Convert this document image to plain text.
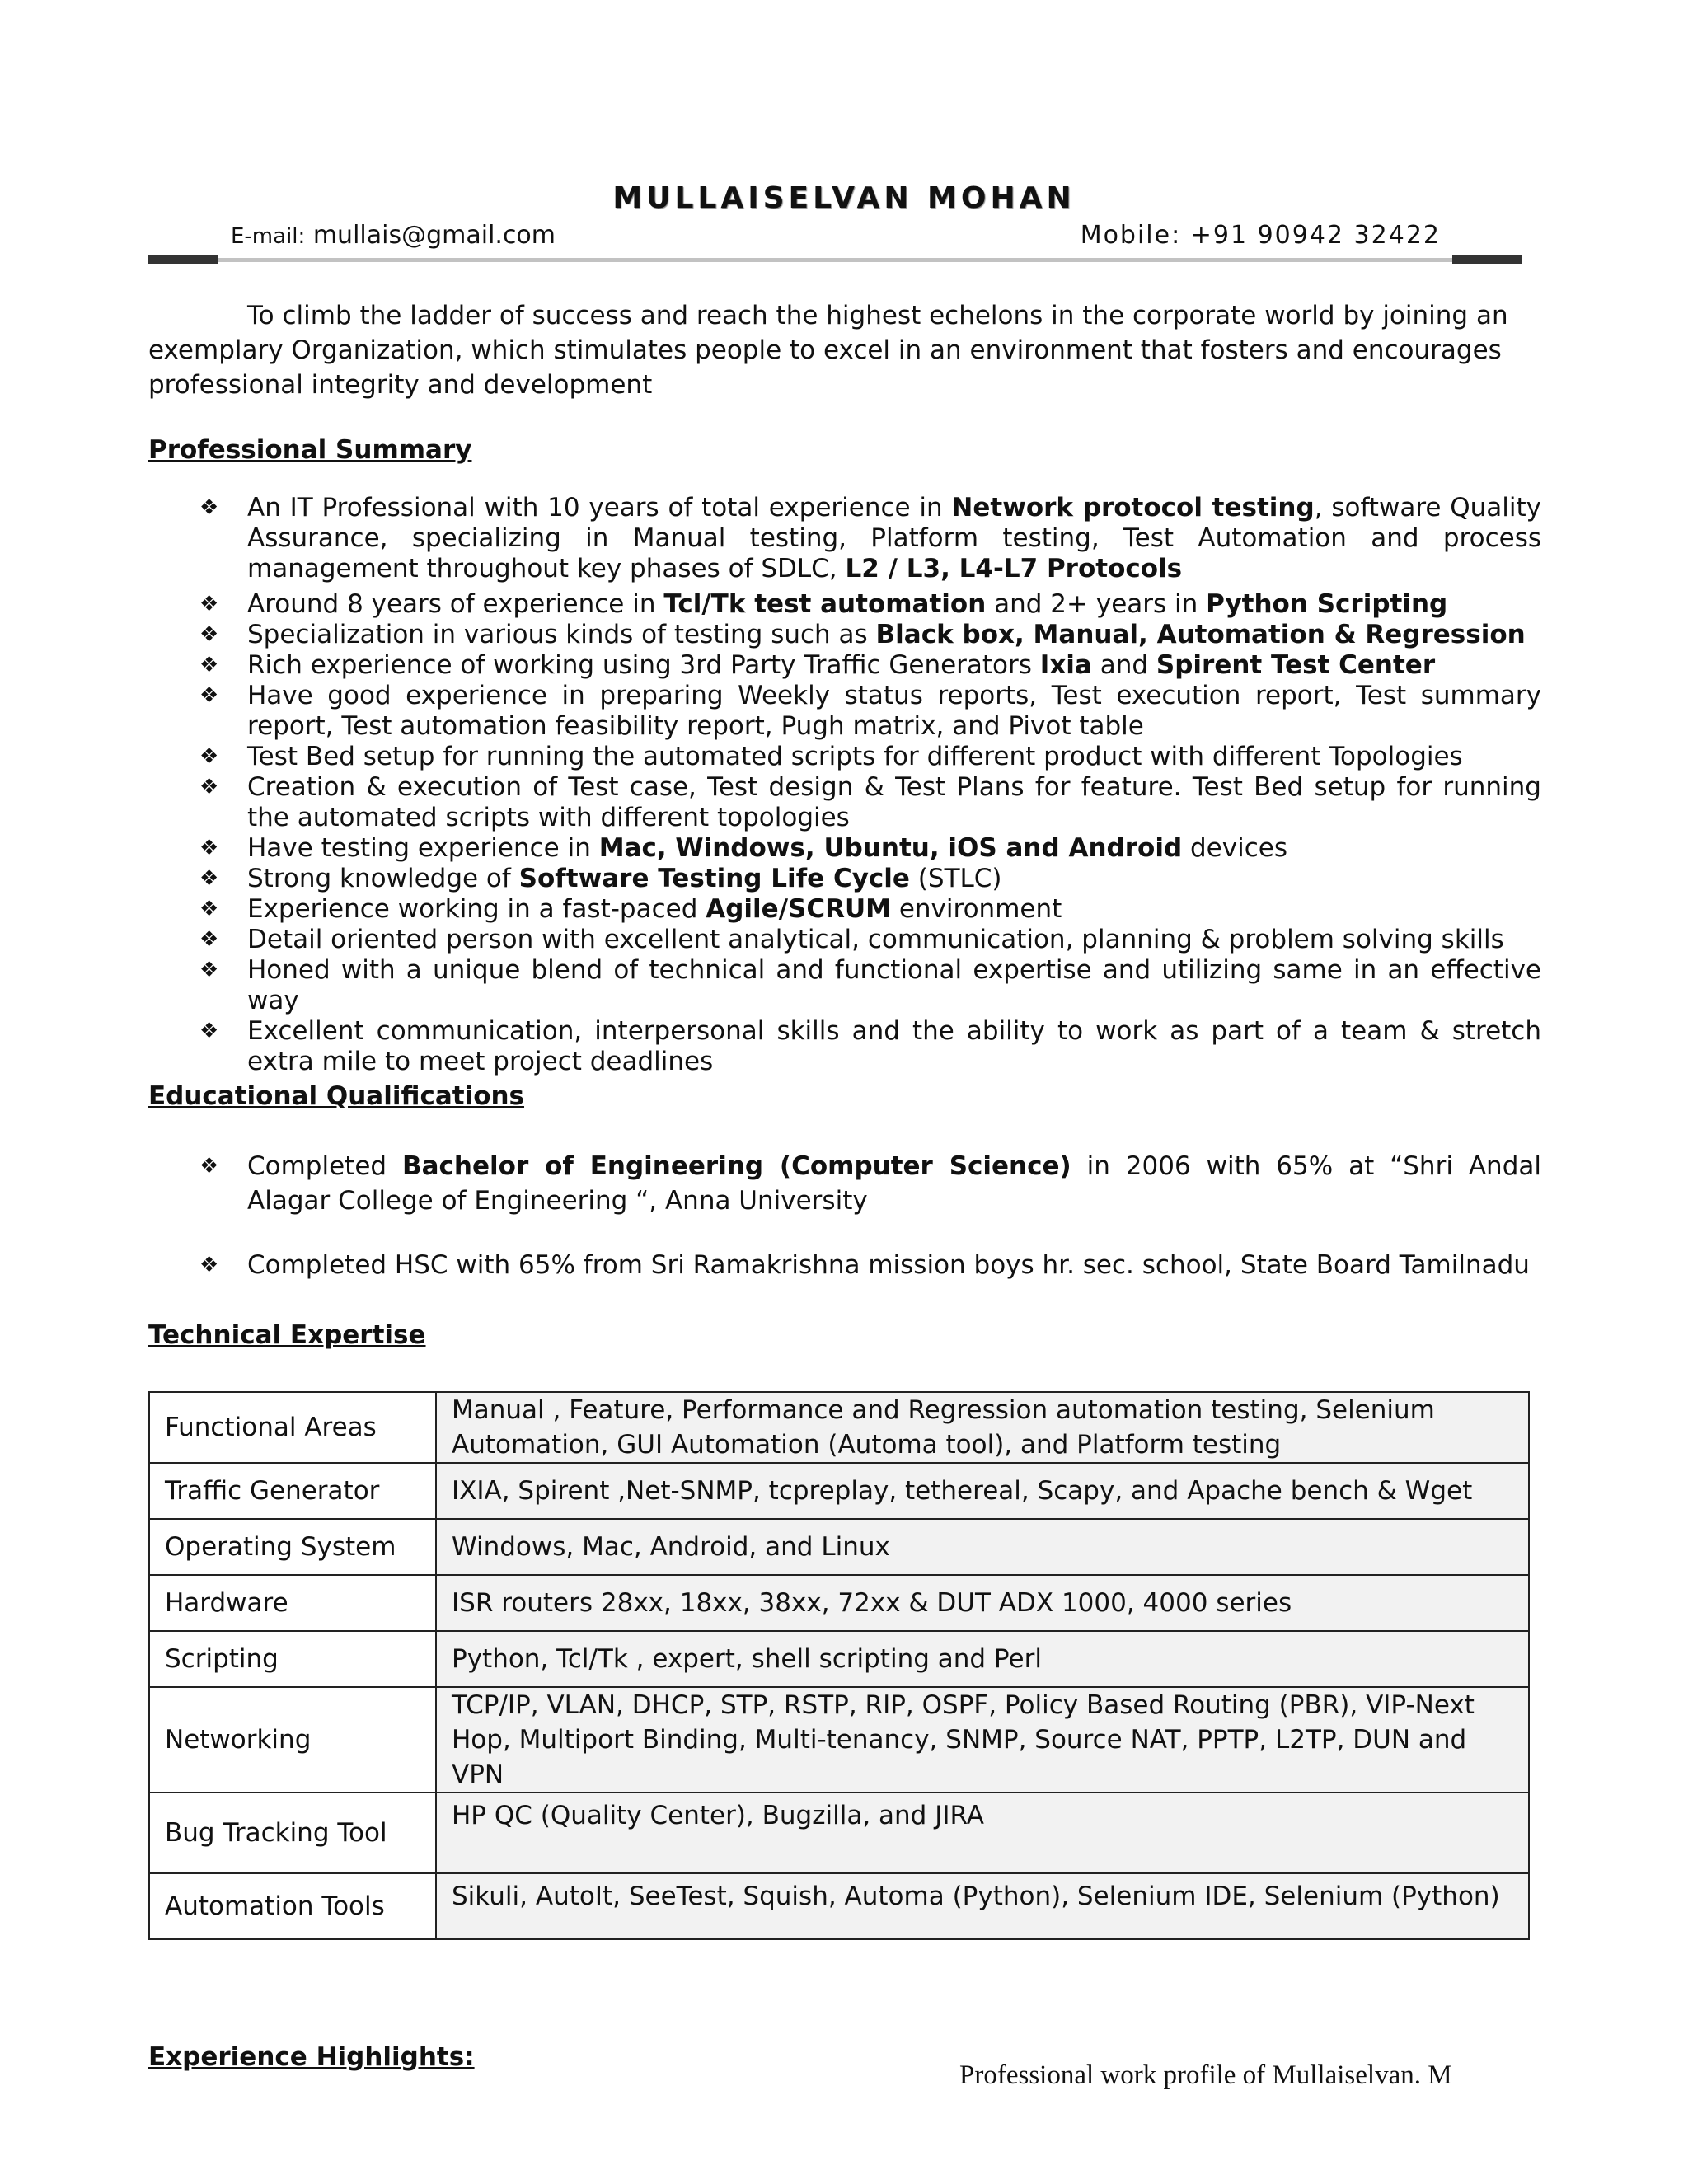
MULLAISELVAN MOHAN
E-mail: mullais@gmail.com	Mobile: +91 90942 32422
To climb the ladder of success and reach the highest echelons in the corporate world by joining an exemplary Organization, which stimulates people to excel in an environment that fosters and encourages professional integrity and development
Professional Summary
❖ An IT Professional with 10 years of total experience in Network protocol testing, software Quality Assurance, specializing in Manual testing, Platform testing, Test Automation and process management throughout key phases of SDLC, L2 / L3, L4-L7 Protocols
❖ Around 8 years of experience in Tcl/Tk test automation and 2+ years in Python Scripting
❖ Specialization in various kinds of testing such as Black box, Manual, Automation & Regression
❖ Rich experience of working using 3rd Party Traffic Generators Ixia and Spirent Test Center
❖ Have good experience in preparing Weekly status reports, Test execution report, Test summary report, Test automation feasibility report, Pugh matrix, and Pivot table
❖ Test Bed setup for running the automated scripts for different product with different Topologies
❖ Creation & execution of Test case, Test design & Test Plans for feature. Test Bed setup for running the automated scripts with different topologies
❖ Have testing experience in Mac, Windows, Ubuntu, iOS and Android devices
❖ Strong knowledge of Software Testing Life Cycle (STLC)
❖ Experience working in a fast-paced Agile/SCRUM environment
❖ Detail oriented person with excellent analytical, communication, planning & problem solving skills
❖ Honed with a unique blend of technical and functional expertise and utilizing same in an effective way
❖ Excellent communication, interpersonal skills and the ability to work as part of a team & stretch extra mile to meet project deadlines
Educational Qualifications
❖ Completed Bachelor of Engineering (Computer Science) in 2006 with 65% at “Shri Andal Alagar College of Engineering “, Anna University
❖ Completed HSC with 65% from Sri Ramakrishna mission boys hr. sec. school, State Board Tamilnadu
Technical Expertise
Functional Areas	Manual , Feature, Performance and Regression automation testing, Selenium Automation, GUI Automation (Automa tool), and Platform testing
Traffic Generator	IXIA, Spirent ,Net-SNMP, tcpreplay, tethereal, Scapy, and Apache bench & Wget
Operating System	Windows, Mac, Android, and Linux
Hardware	ISR routers 28xx, 18xx, 38xx, 72xx & DUT ADX 1000, 4000 series
Scripting	Python, Tcl/Tk , expert, shell scripting and Perl
Networking	TCP/IP, VLAN, DHCP, STP, RSTP, RIP, OSPF, Policy Based Routing (PBR), VIP-Next Hop, Multiport Binding, Multi-tenancy, SNMP, Source NAT, PPTP, L2TP, DUN and VPN
Bug Tracking Tool	HP QC (Quality Center), Bugzilla, and JIRA
Automation Tools	Sikuli, AutoIt, SeeTest, Squish, Automa (Python), Selenium IDE, Selenium (Python)
Experience Highlights:
Professional work profile of Mullaiselvan. M
